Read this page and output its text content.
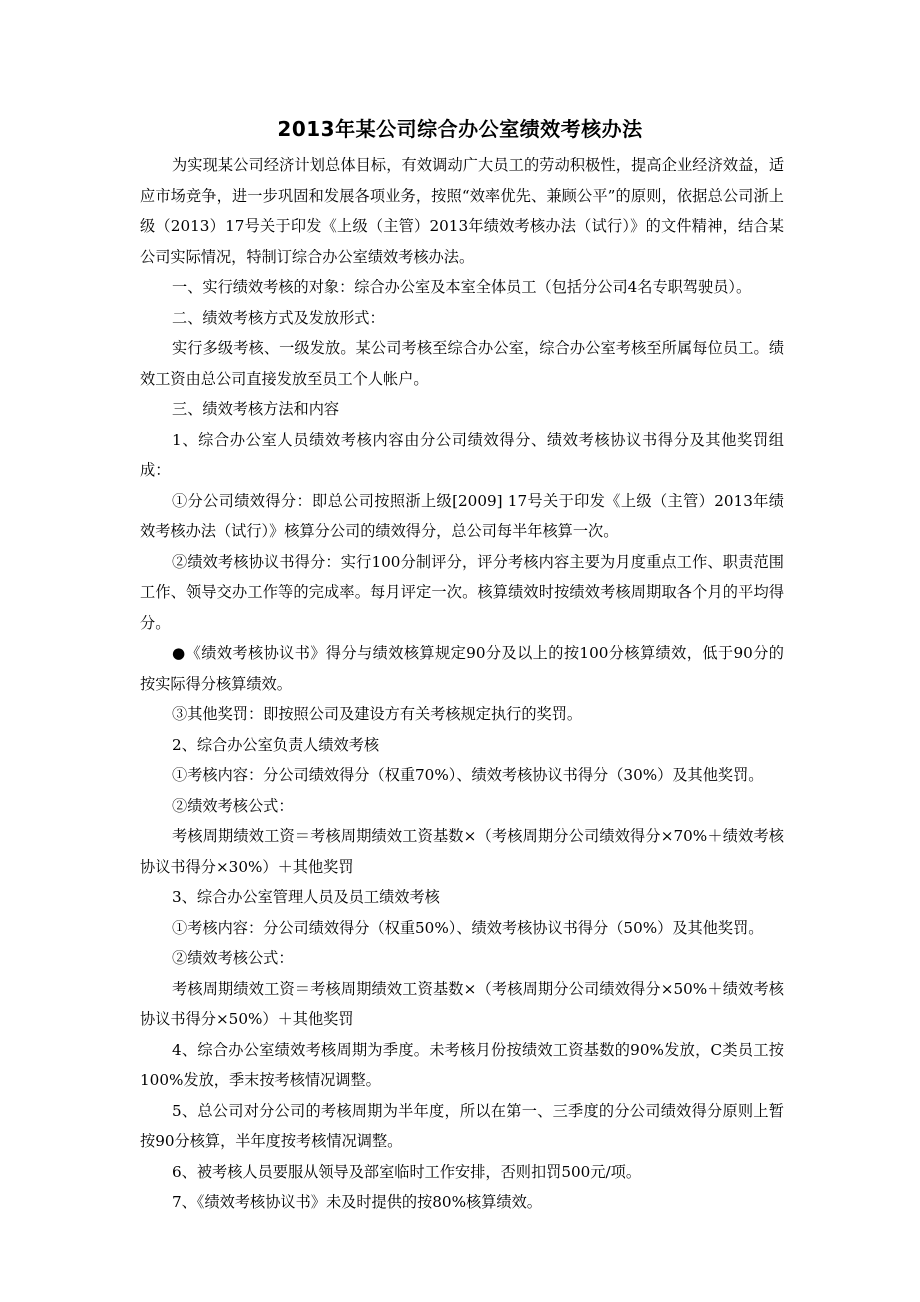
2013年某公司综合办公室绩效考核办法

为实现某公司经济计划总体目标，有效调动广大员工的劳动积极性，提高企业经济效益，适应市场竞争，进一步巩固和发展各项业务，按照“效率优先、兼顾公平”的原则，依据总公司浙上级（2013）17号关于印发《上级（主管）2013年绩效考核办法（试行）》的文件精神，结合某公司实际情况，特制订综合办公室绩效考核办法。

一、实行绩效考核的对象：综合办公室及本室全体员工（包括分公司4名专职驾驶员）。

二、绩效考核方式及发放形式：

实行多级考核、一级发放。某公司考核至综合办公室，综合办公室考核至所属每位员工。绩效工资由总公司直接发放至员工个人帐户。

三、绩效考核方法和内容

1、综合办公室人员绩效考核内容由分公司绩效得分、绩效考核协议书得分及其他奖罚组成：

①分公司绩效得分：即总公司按照浙上级[2009] 17号关于印发《上级（主管）2013年绩效考核办法（试行）》核算分公司的绩效得分，总公司每半年核算一次。

②绩效考核协议书得分：实行100分制评分，评分考核内容主要为月度重点工作、职责范围工作、领导交办工作等的完成率。每月评定一次。核算绩效时按绩效考核周期取各个月的平均得分。

●《绩效考核协议书》得分与绩效核算规定90分及以上的按100分核算绩效，低于90分的按实际得分核算绩效。

③其他奖罚：即按照公司及建设方有关考核规定执行的奖罚。

2、综合办公室负责人绩效考核

①考核内容：分公司绩效得分（权重70%）、绩效考核协议书得分（30%）及其他奖罚。

②绩效考核公式：

考核周期绩效工资＝考核周期绩效工资基数×（考核周期分公司绩效得分×70%＋绩效考核协议书得分×30%）＋其他奖罚

3、综合办公室管理人员及员工绩效考核

①考核内容：分公司绩效得分（权重50%）、绩效考核协议书得分（50%）及其他奖罚。

②绩效考核公式：

考核周期绩效工资＝考核周期绩效工资基数×（考核周期分公司绩效得分×50%＋绩效考核协议书得分×50%）＋其他奖罚

4、综合办公室绩效考核周期为季度。未考核月份按绩效工资基数的90%发放，C类员工按100%发放，季末按考核情况调整。

5、总公司对分公司的考核周期为半年度，所以在第一、三季度的分公司绩效得分原则上暂按90分核算，半年度按考核情况调整。

6、被考核人员要服从领导及部室临时工作安排，否则扣罚500元/项。

7、《绩效考核协议书》未及时提供的按80%核算绩效。
